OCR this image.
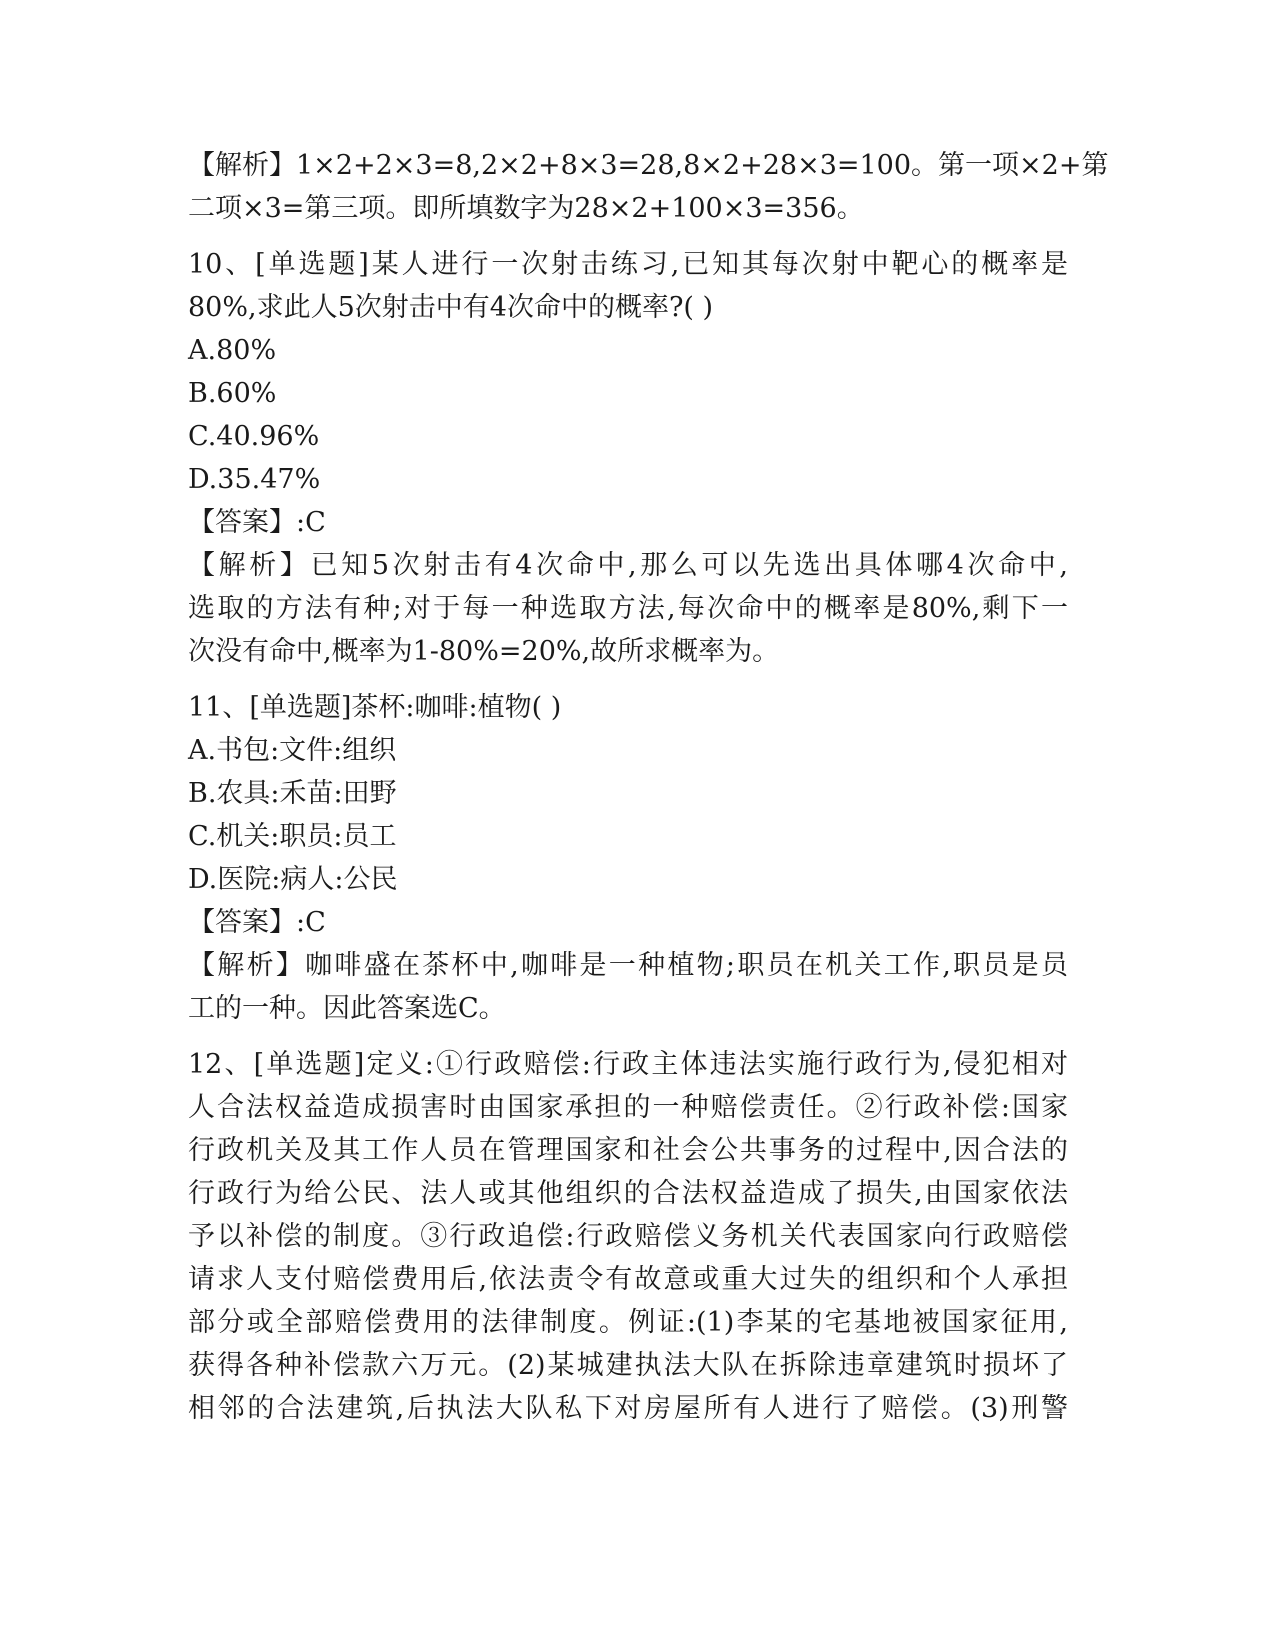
【解析】1×2+2×3=8,2×2+8×3=28,8×2+28×3=100。第一项×2+第
二项×3=第三项。即所填数字为28×2+100×3=356。
10、[单选题]某人进行一次射击练习,已知其每次射中靶心的概率是
80%,求此人5次射击中有4次命中的概率?( )
A.80%
B.60%
C.40.96%
D.35.47%
【答案】:C
【解析】已知5次射击有4次命中,那么可以先选出具体哪4次命中,
选取的方法有种;对于每一种选取方法,每次命中的概率是80%,剩下一
次没有命中,概率为1-80%=20%,故所求概率为。
11、[单选题]茶杯:咖啡:植物( )
A.书包:文件:组织
B.农具:禾苗:田野
C.机关:职员:员工
D.医院:病人:公民
【答案】:C
【解析】咖啡盛在茶杯中,咖啡是一种植物;职员在机关工作,职员是员
工的一种。因此答案选C。
12、[单选题]定义:①行政赔偿:行政主体违法实施行政行为,侵犯相对
人合法权益造成损害时由国家承担的一种赔偿责任。②行政补偿:国家
行政机关及其工作人员在管理国家和社会公共事务的过程中,因合法的
行政行为给公民、法人或其他组织的合法权益造成了损失,由国家依法
予以补偿的制度。③行政追偿:行政赔偿义务机关代表国家向行政赔偿
请求人支付赔偿费用后,依法责令有故意或重大过失的组织和个人承担
部分或全部赔偿费用的法律制度。例证:(1)李某的宅基地被国家征用,
获得各种补偿款六万元。(2)某城建执法大队在拆除违章建筑时损坏了
相邻的合法建筑,后执法大队私下对房屋所有人进行了赔偿。(3)刑警
